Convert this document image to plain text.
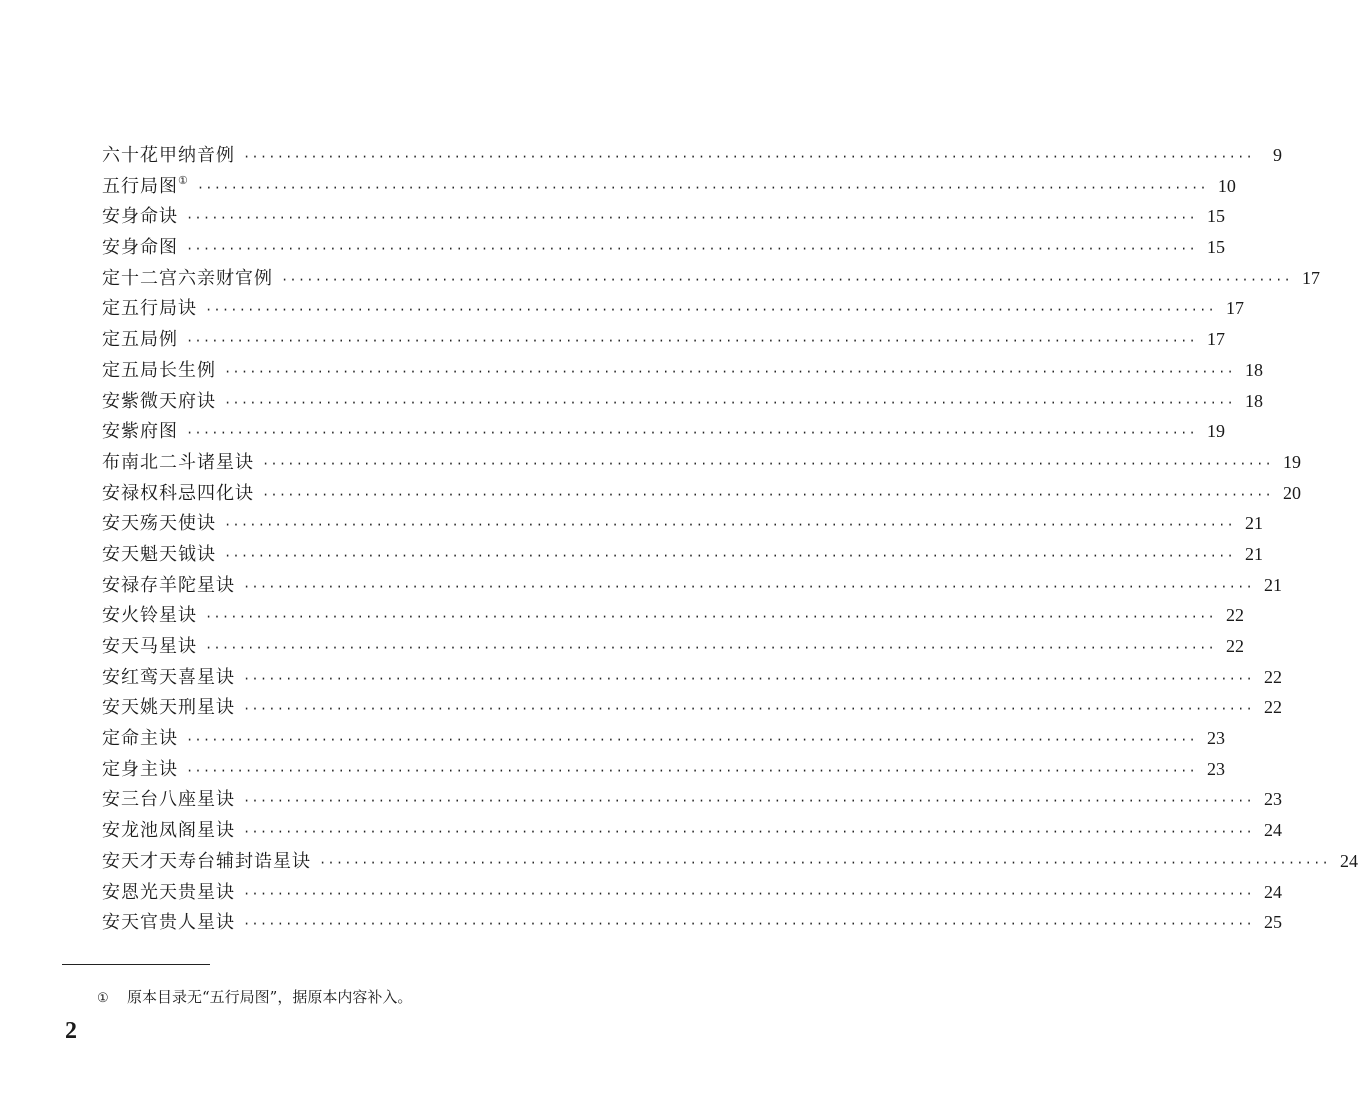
六十花甲纳音例 ························································································································	9
五行局图①
························································································································ 10
安身命诀 ························································································································ 15
安身命图 ························································································································ 15
定十二宫六亲财官例 ························································································································ 17
定五行局诀 ························································································································ 17
定五局例 ························································································································ 17
定五局长生例 ························································································································ 18
安紫微天府诀 ························································································································ 18
安紫府图 ························································································································ 19
布南北二斗诸星诀 ························································································································ 19
安禄权科忌四化诀 ························································································································ 20
安天殇天使诀 ························································································································ 21
安天魁天钺诀 ························································································································ 21
安禄存羊陀星诀 ························································································································ 21
安火铃星诀 ························································································································ 22
安天马星诀 ························································································································ 22
安红鸾天喜星诀 ························································································································ 22
安天姚天刑星诀 ························································································································ 22
定命主诀 ························································································································ 23
定身主诀 ························································································································ 23
安三台八座星诀 ························································································································ 23
安龙池凤阁星诀 ························································································································ 24
安天才天寿台辅封诰星诀 ························································································································ 24
安恩光天贵星诀 ························································································································ 24
安天官贵人星诀 ························································································································ 25
① 原本目录无“五行局图”，据原本内容补入。
2
